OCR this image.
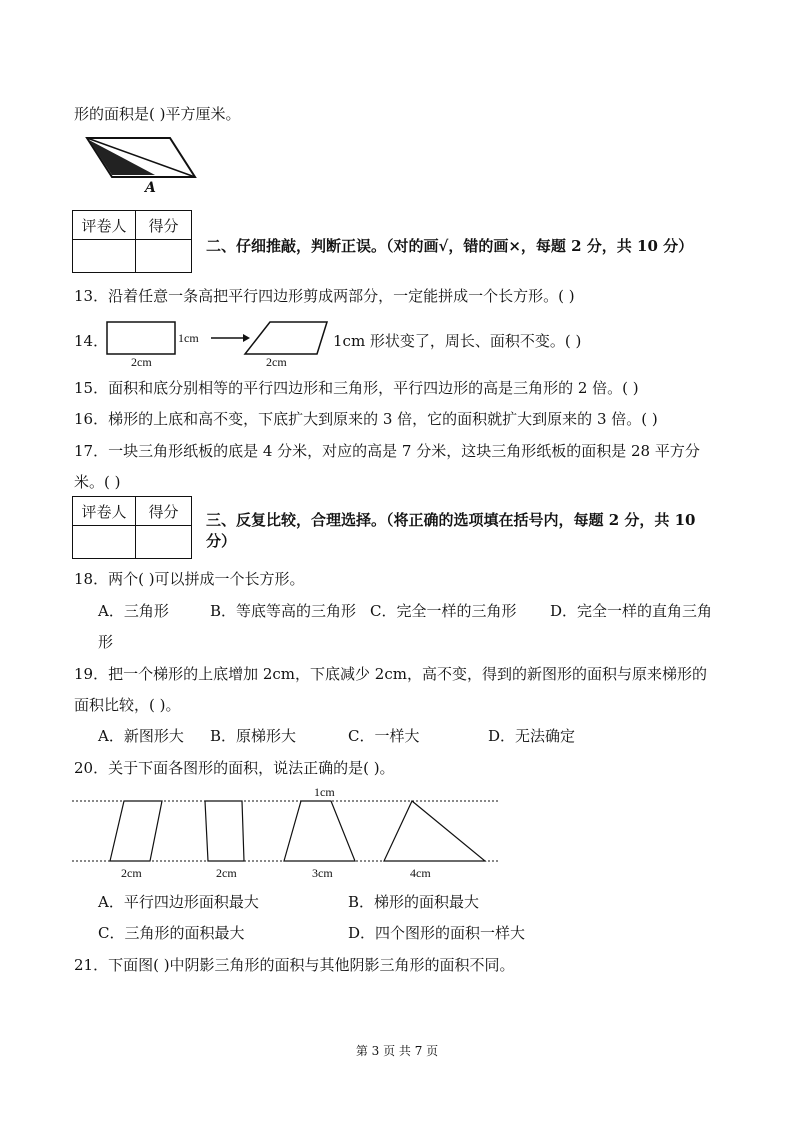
形的面积是( )平方厘米。
A
评卷人	得分

二、仔细推敲，判断正误。（对的画√，错的画×，每题 2 分，共 10 分）
13．沿着任意一条高把平行四边形剪成两部分，一定能拼成一个长方形。( )
14．	1cm
2cm	2cm
1cm 形状变了，周长、面积不变。( )
15．面积和底分别相等的平行四边形和三角形，平行四边形的高是三角形的 2 倍。( )
16．梯形的上底和高不变，下底扩大到原来的 3 倍，它的面积就扩大到原来的 3 倍。( )
17．一块三角形纸板的底是 4 分米，对应的高是 7 分米，这块三角形纸板的面积是 28 平方分
米。( )
评卷人	得分
	三、反复比较，合理选择。（将正确的选项填在括号内，每题 2 分，共 10
分）
18．两个( )可以拼成一个长方形。
A．三角形	B．等底等高的三角形 C．完全一样的三角形 D．完全一样的直角三角
形
19．把一个梯形的上底增加 2cm，下底减少 2cm，高不变，得到的新图形的面积与原来梯形的
面积比较，( )。
A．新图形大 B．原梯形大	C．一样大	D．无法确定
20．关于下面各图形的面积，说法正确的是( )。
1cm
2cm	2cm	3cm	4cm
A．平行四边形面积最大	B．梯形的面积最大
C．三角形的面积最大	D．四个图形的面积一样大
21．下面图( )中阴影三角形的面积与其他阴影三角形的面积不同。
第 3 页 共 7 页
